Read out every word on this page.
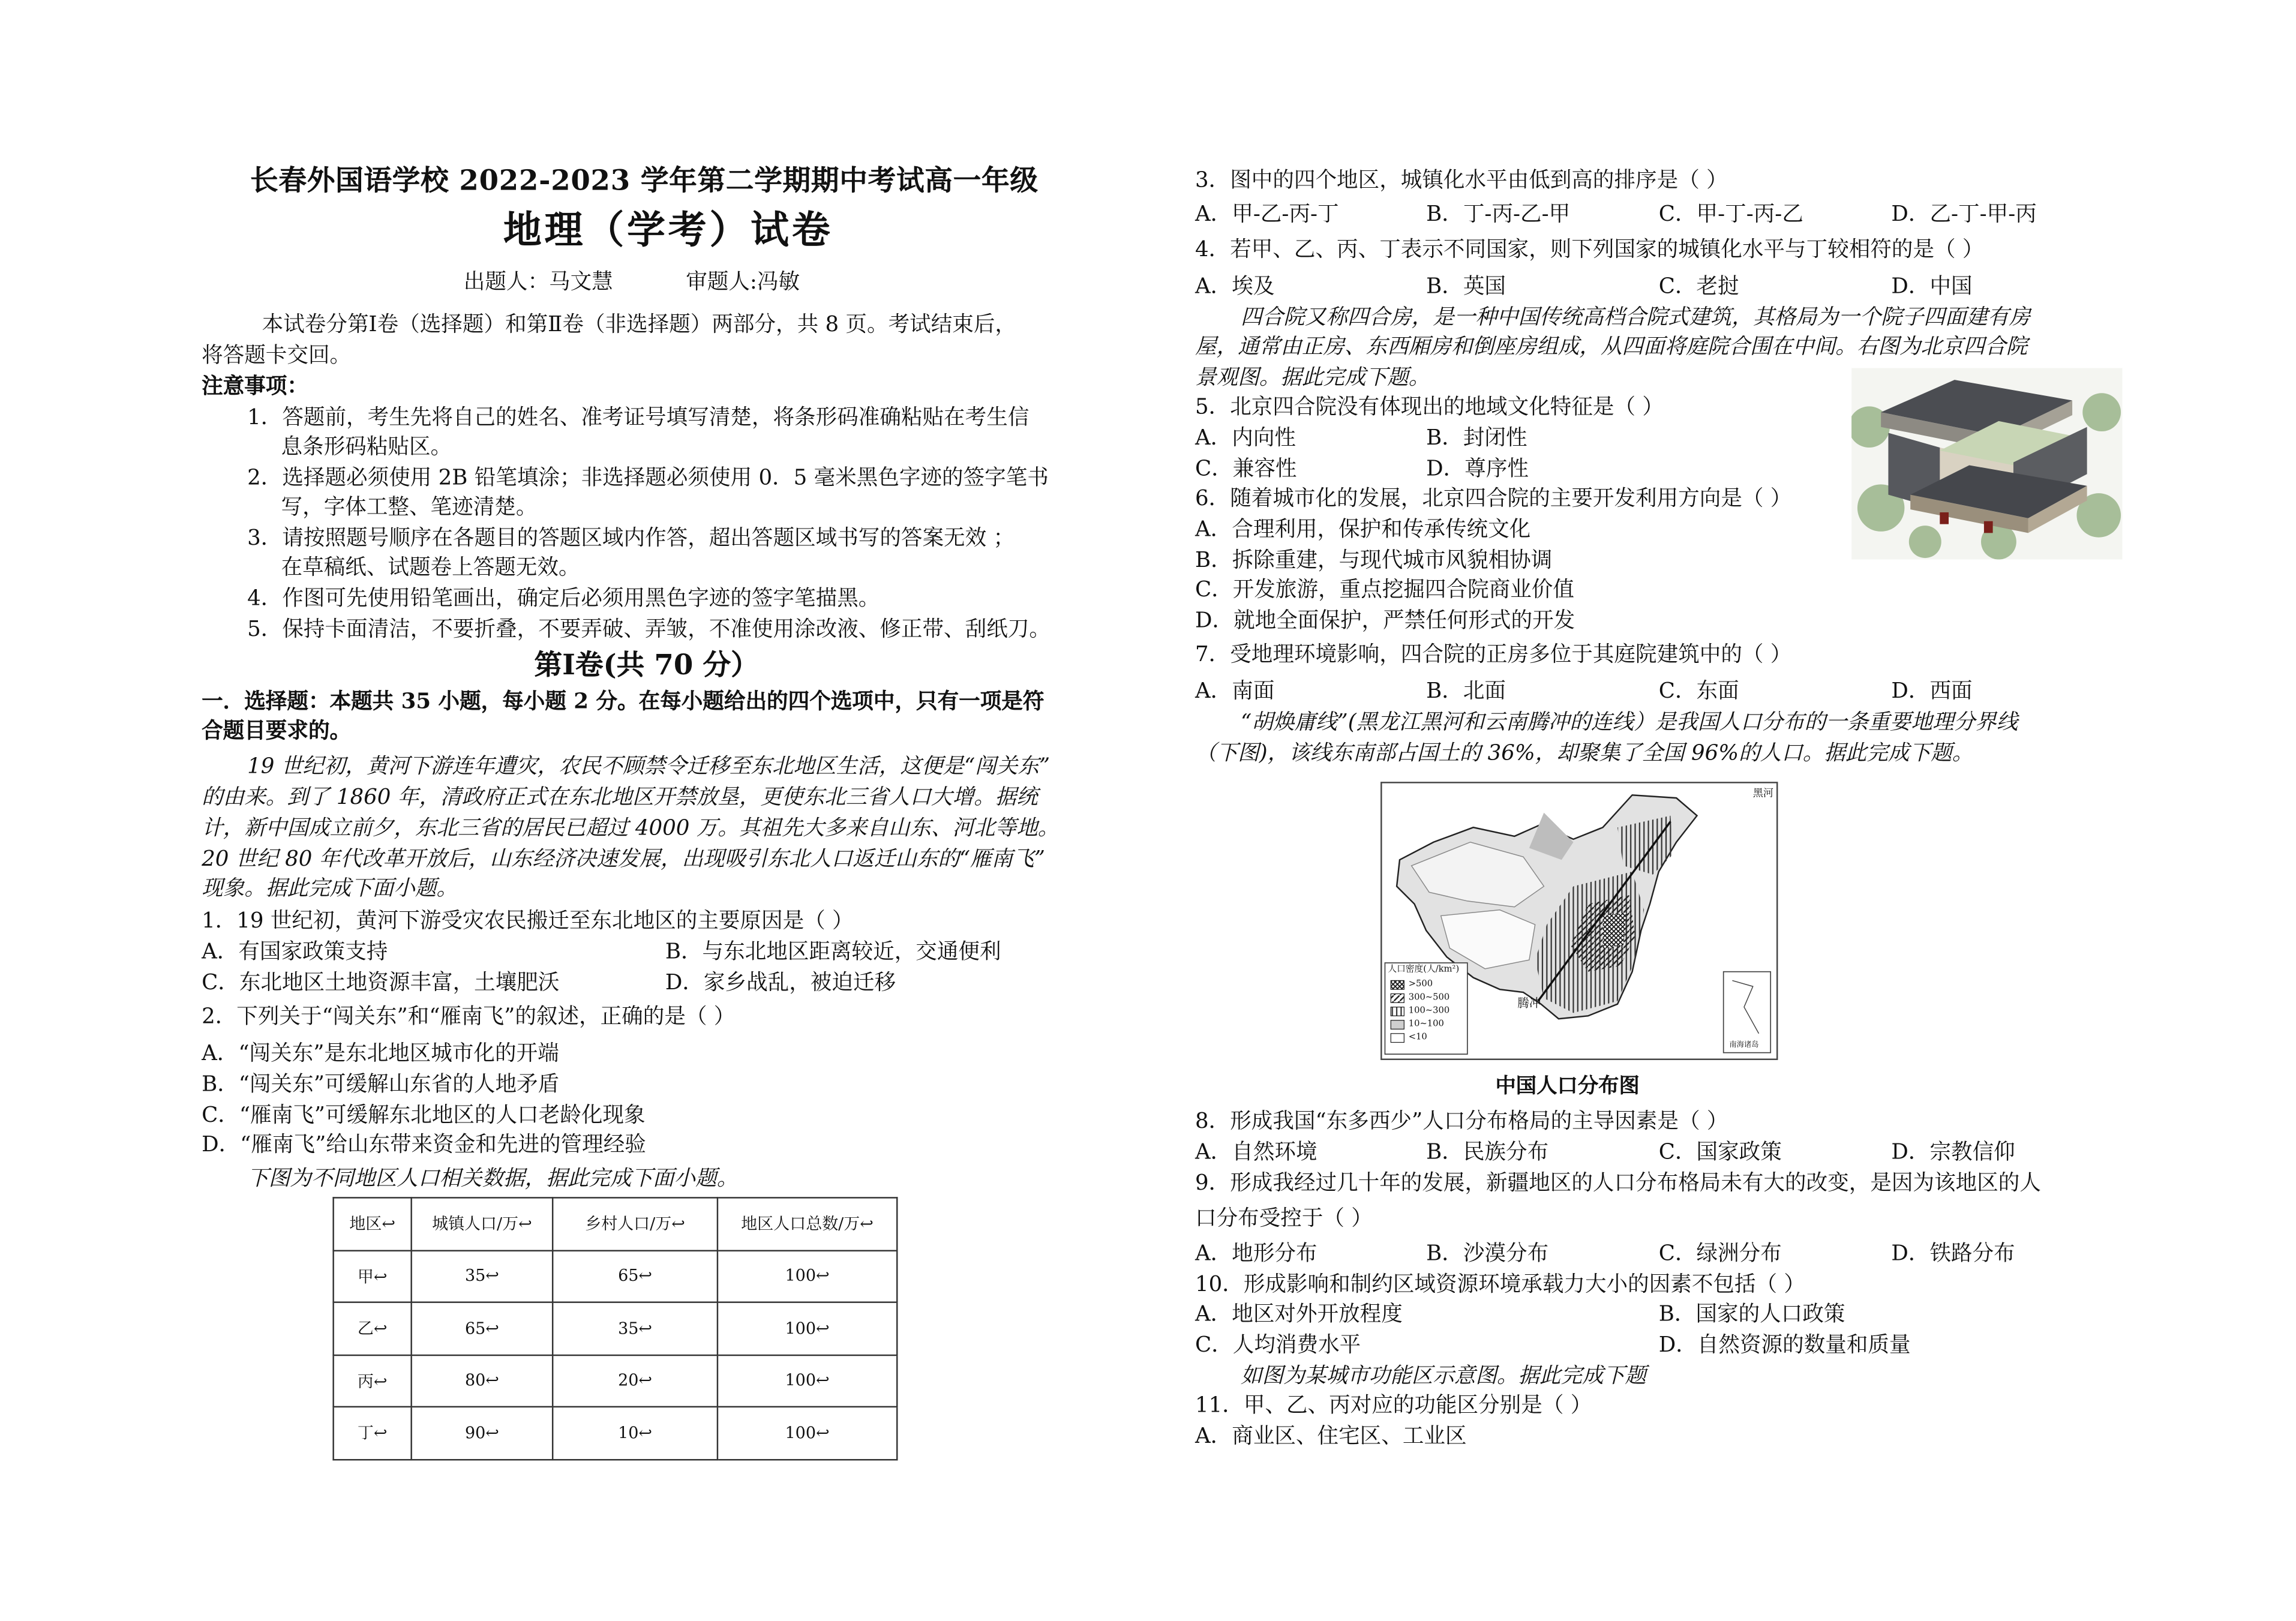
长春外国语学校 2022-2023 学年第二学期期中考试高一年级
地理（学考）试卷
出题人：马文慧	审题人:冯敏
本试卷分第Ⅰ卷（选择题）和第Ⅱ卷（非选择题）两部分，共 8 页。考试结束后，
将答题卡交回。
注意事项：
1．答题前，考生先将自己的姓名、准考证号填写清楚，将条形码准确粘贴在考生信
息条形码粘贴区。
2．选择题必须使用 2B 铅笔填涂；非选择题必须使用 0．5 毫米黑色字迹的签字笔书
写，字体工整、笔迹清楚。
3．请按照题号顺序在各题目的答题区域内作答，超出答题区域书写的答案无效 ；
在草稿纸、试题卷上答题无效。
4．作图可先使用铅笔画出，确定后必须用黑色字迹的签字笔描黑。
5．保持卡面清洁，不要折叠，不要弄破、弄皱，不准使用涂改液、修正带、刮纸刀。
第Ⅰ卷(共 70 分）
一．选择题：本题共 35 小题，每小题 2 分。在每小题给出的四个选项中，只有一项是符
合题目要求的。
19 世纪初，黄河下游连年遭灾，农民不顾禁令迁移至东北地区生活，这便是“闯关东”
的由来。到了 1860 年，清政府正式在东北地区开禁放垦，更使东北三省人口大增。据统
计，新中国成立前夕，东北三省的居民已超过 4000 万。其祖先大多来自山东、河北等地。
20 世纪 80 年代改革开放后，山东经济决速发展，出现吸引东北人口返迁山东的“雁南飞”
现象。据此完成下面小题。
1．19 世纪初，黄河下游受灾农民搬迁至东北地区的主要原因是（ ）
A．有国家政策支持	B．与东北地区距离较近，交通便利
C．东北地区土地资源丰富，土壤肥沃	D．家乡战乱，被迫迁移
2．下列关于“闯关东”和“雁南飞”的叙述，正确的是（ ）
A．“闯关东”是东北地区城市化的开端
B．“闯关东”可缓解山东省的人地矛盾
C．“雁南飞”可缓解东北地区的人口老龄化现象
D．“雁南飞”给山东带来资金和先进的管理经验
下图为不同地区人口相关数据，据此完成下面小题。
地区↩	城镇人口/万↩	乡村人口/万↩	地区人口总数/万↩
甲↩	35↩	65↩	100↩
乙↩	65↩	35↩	100↩
丙↩	80↩	20↩	100↩
丁↩	90↩	10↩	100↩
3．图中的四个地区，城镇化水平由低到高的排序是（ ）
A．甲-乙-丙-丁	B．丁-丙-乙-甲	C．甲-丁-丙-乙	D．乙-丁-甲-丙
4．若甲、乙、丙、丁表示不同国家，则下列国家的城镇化水平与丁较相符的是（ ）
A．埃及	B．英国	C．老挝	D．中国
四合院又称四合房，是一种中国传统高档合院式建筑，其格局为一个院子四面建有房
屋，通常由正房、东西厢房和倒座房组成，从四面将庭院合围在中间。右图为北京四合院
景观图。据此完成下题。
5．北京四合院没有体现出的地域文化特征是（ ）
A．内向性	B．封闭性
C．兼容性	D．尊序性
6．随着城市化的发展，北京四合院的主要开发利用方向是（ ）
A．合理利用，保护和传承传统文化
B．拆除重建，与现代城市风貌相协调
C．开发旅游，重点挖掘四合院商业价值
D．就地全面保护，严禁任何形式的开发
7．受地理环境影响，四合院的正房多位于其庭院建筑中的（ ）
A．南面	B．北面	C．东面	D．西面
“胡焕庸线”(黑龙江黑河和云南腾冲的连线）是我国人口分布的一条重要地理分界线
（下图)，该线东南部占国土的 36%，却聚集了全国 96%的人口。据此完成下题。
黑河
腾冲
人口密度(人/km²)
>500
300~500
100~300
10~100
<10
南海诸岛
中国人口分布图
8．形成我国“东多西少”人口分布格局的主导因素是（ ）
A．自然环境	B．民族分布	C．国家政策	D．宗教信仰
9．形成我经过几十年的发展，新疆地区的人口分布格局未有大的改变，是因为该地区的人
口分布受控于（ ）
A．地形分布	B．沙漠分布	C．绿洲分布	D．铁路分布
10．形成影响和制约区域资源环境承载力大小的因素不包括（ ）
A．地区对外开放程度	B．国家的人口政策
C．人均消费水平	D．自然资源的数量和质量
如图为某城市功能区示意图。据此完成下题
11．甲、乙、丙对应的功能区分别是（ ）
A．商业区、住宅区、工业区
